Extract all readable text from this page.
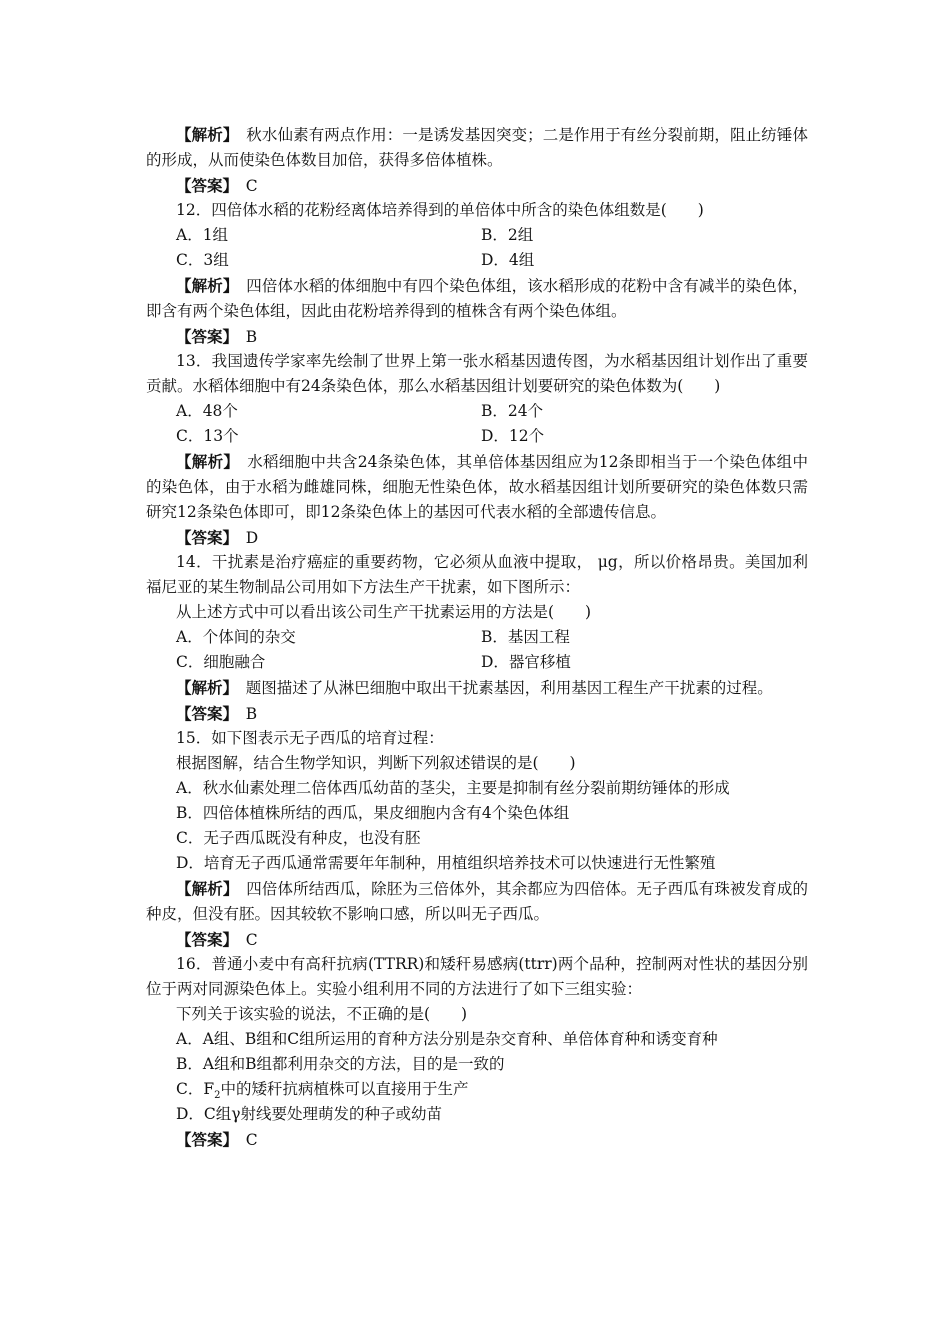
【解析】　 秋水仙素有两点作用：一是诱发基因突变；二是作用于有丝分裂前期，阻止纺锤体的形成，从而使染色体数目加倍，获得多倍体植株。
【答案】　 C
12．四倍体水稻的花粉经离体培养得到的单倍体中所含的染色体组数是(　　)
A．1组	B．2组
C．3组	D．4组
【解析】　 四倍体水稻的体细胞中有四个染色体组，该水稻形成的花粉中含有减半的染色体，即含有两个染色体组，因此由花粉培养得到的植株含有两个染色体组。
【答案】　 B
13．我国遗传学家率先绘制了世界上第一张水稻基因遗传图，为水稻基因组计划作出了重要贡献。水稻体细胞中有24条染色体，那么水稻基因组计划要研究的染色体数为(　　)
A．48个	B．24个
C．13个	D．12个
【解析】　 水稻细胞中共含24条染色体，其单倍体基因组应为12条即相当于一个染色体组中的染色体，由于水稻为雌雄同株，细胞无性染色体，故水稻基因组计划所要研究的染色体数只需研究12条染色体即可，即12条染色体上的基因可代表水稻的全部遗传信息。
【答案】　 D
14．干扰素是治疗癌症的重要药物，它必须从血液中提取， μg，所以价格昂贵。美国加利福尼亚的某生物制品公司用如下方法生产干扰素，如下图所示：
从上述方式中可以看出该公司生产干扰素运用的方法是(　　)
A．个体间的杂交	B．基因工程
C．细胞融合	D．器官移植
【解析】　 题图描述了从淋巴细胞中取出干扰素基因，利用基因工程生产干扰素的过程。
【答案】　 B
15．如下图表示无子西瓜的培育过程：
根据图解，结合生物学知识，判断下列叙述错误的是(　　)
A．秋水仙素处理二倍体西瓜幼苗的茎尖，主要是抑制有丝分裂前期纺锤体的形成
B．四倍体植株所结的西瓜，果皮细胞内含有4个染色体组
C．无子西瓜既没有种皮，也没有胚
D．培育无子西瓜通常需要年年制种，用植组织培养技术可以快速进行无性繁殖
【解析】　 四倍体所结西瓜，除胚为三倍体外，其余都应为四倍体。无子西瓜有珠被发育成的种皮，但没有胚。因其较软不影响口感，所以叫无子西瓜。
【答案】　 C
16．普通小麦中有高秆抗病(TTRR)和矮秆易感病(ttrr)两个品种，控制两对性状的基因分别位于两对同源染色体上。实验小组利用不同的方法进行了如下三组实验：
下列关于该实验的说法，不正确的是(　　)
A．A组、B组和C组所运用的育种方法分别是杂交育种、单倍体育种和诱变育种
B．A组和B组都利用杂交的方法，目的是一致的
C．$F_2$中的矮秆抗病植株可以直接用于生产
D．C组γ射线要处理萌发的种子或幼苗
【答案】　 C
